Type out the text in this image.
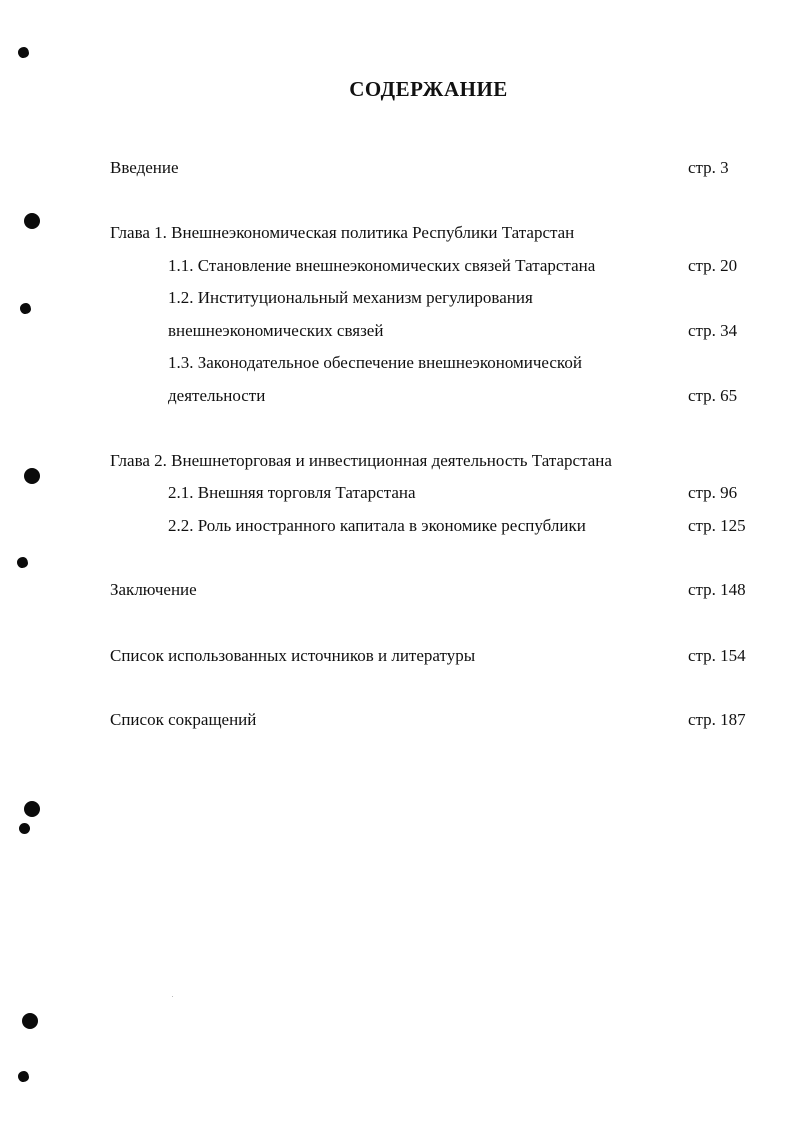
СОДЕРЖАНИЕ
Введение	стр. 3
Глава 1. Внешнеэкономическая политика Республики Татарстан
1.1. Становление внешнеэкономических связей Татарстана	стр. 20
1.2. Институциональный механизм регулирования
внешнеэкономических связей	стр. 34
1.3. Законодательное обеспечение внешнеэкономической
деятельности	стр. 65
Глава 2. Внешнеторговая и инвестиционная деятельность Татарстана
2.1. Внешняя торговля Татарстана	стр. 96
2.2. Роль иностранного капитала в экономике республики	стр. 125
Заключение	стр. 148
Список использованных источников и литературы	стр. 154
Список сокращений	стр. 187
